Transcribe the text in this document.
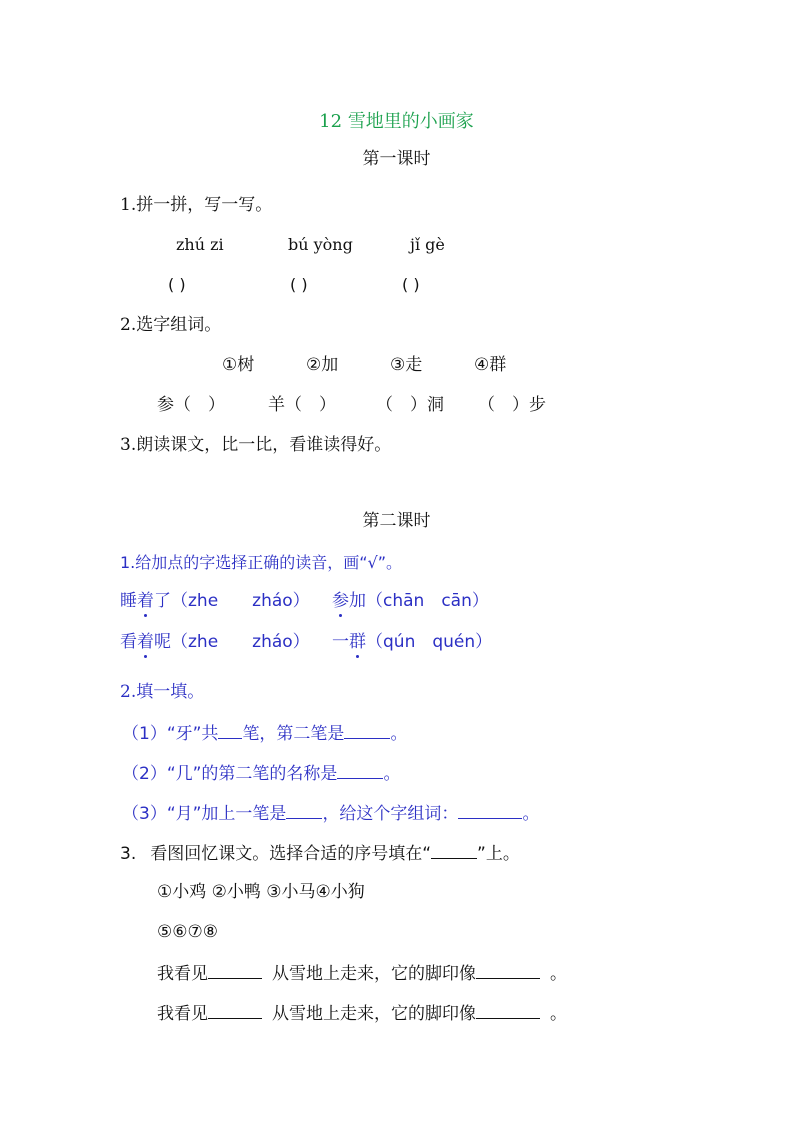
12 雪地里的小画家
第一课时
1.拼一拼，写一写。
zhú zi	bú yòng	jǐ gè
( )	( )	( )
2.选字组词。
①树	②加	③走	④群
参（　）	羊（　） （　）洞 （　）步
3.朗读课文，比一比，看谁读得好。
第二课时
1.给加点的字选择正确的读音，画“√”。
睡着了（zhe　　zháo） 参加（chān　cān）
看着呢（zhe　　zháo） 一群（qún　quén）
2.填一填。
（1）“牙”共 笔，第二笔是	。
（2）“几”的第二笔的名称是	。
（3）“月”加上一笔是 ，给这个字组词：	。
3. 看图回忆课文。选择合适的序号填在“	”上。
①小鸡 ②小鸭 ③小马④小狗
⑤⑥⑦⑧
我看见	从雪地上走来，它的脚印像	。
我看见	从雪地上走来，它的脚印像	。
